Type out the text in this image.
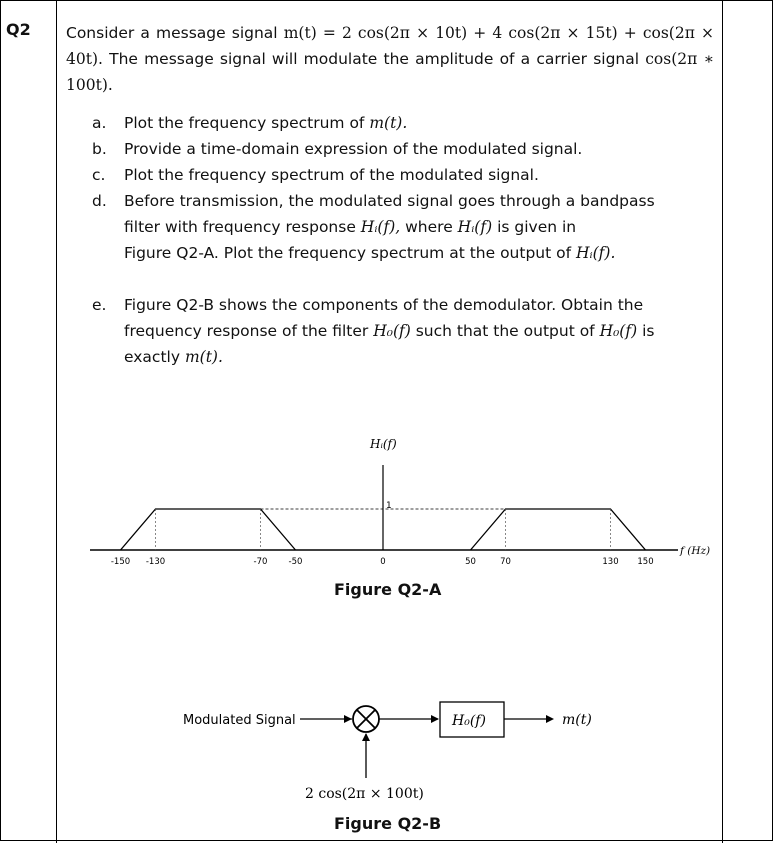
Q2 Consider a message signal m(t) = 2 cos(2π × 10t) + 4 cos(2π × 15t) + cos(2π × 40t). The message signal will modulate the amplitude of a carrier signal cos(2π ∗ 100t).
a. Plot the frequency spectrum of m(t).
b. Provide a time-domain expression of the modulated signal.
c. Plot the frequency spectrum of the modulated signal.
d. Before transmission, the modulated signal goes through a bandpass
filter with frequency response Hᵢ(f), where Hᵢ(f) is given in
Figure Q2-A. Plot the frequency spectrum at the output of Hᵢ(f).
e. Figure Q2-B shows the components of the demodulator. Obtain the
frequency response of the filter H₀(f) such that the output of H₀(f) is
exactly m(t).
Hᵢ(f)
1
f (Hz)
-150 -130	-70 -50	0	50	70	130 150
Figure Q2-A
Modulated Signal	H₀(f)	m(t)
2 cos(2π × 100t)
Figure Q2-B
